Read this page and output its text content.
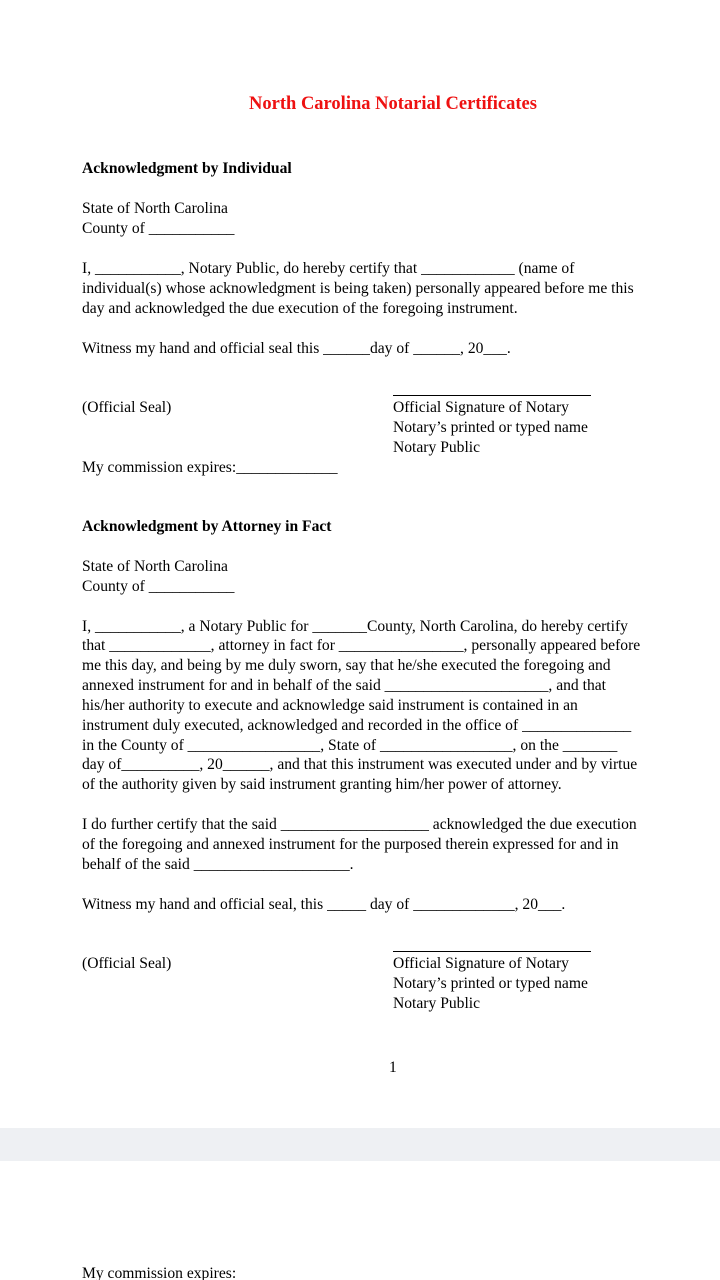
North Carolina Notarial Certificates
Acknowledgment by Individual
State of North Carolina
County of ___________
I, ___________, Notary Public, do hereby certify that ____________ (name of
individual(s) whose acknowledgment is being taken) personally appeared before me this
day and acknowledged the due execution of the foregoing instrument.
Witness my hand and official seal this ______day of ______, 20___.
(Official Seal)	Official Signature of Notary
Notary’s printed or typed name
Notary Public
My commission expires:_____________
Acknowledgment by Attorney in Fact
State of North Carolina
County of ___________
I, ___________, a Notary Public for _______County, North Carolina, do hereby certify
that _____________, attorney in fact for ________________, personally appeared before
me this day, and being by me duly sworn, say that he/she executed the foregoing and
annexed instrument for and in behalf of the said _____________________, and that
his/her authority to execute and acknowledge said instrument is contained in an
instrument duly executed, acknowledged and recorded in the office of ______________
in the County of _________________, State of _________________, on the _______
day of__________, 20______, and that this instrument was executed under and by virtue
of the authority given by said instrument granting him/her power of attorney.
I do further certify that the said ___________________ acknowledged the due execution
of the foregoing and annexed instrument for the purposed therein expressed for and in
behalf of the said ____________________.
Witness my hand and official seal, this _____ day of _____________, 20___.
(Official Seal)	Official Signature of Notary
Notary’s printed or typed name
Notary Public
1
My commission expires:
